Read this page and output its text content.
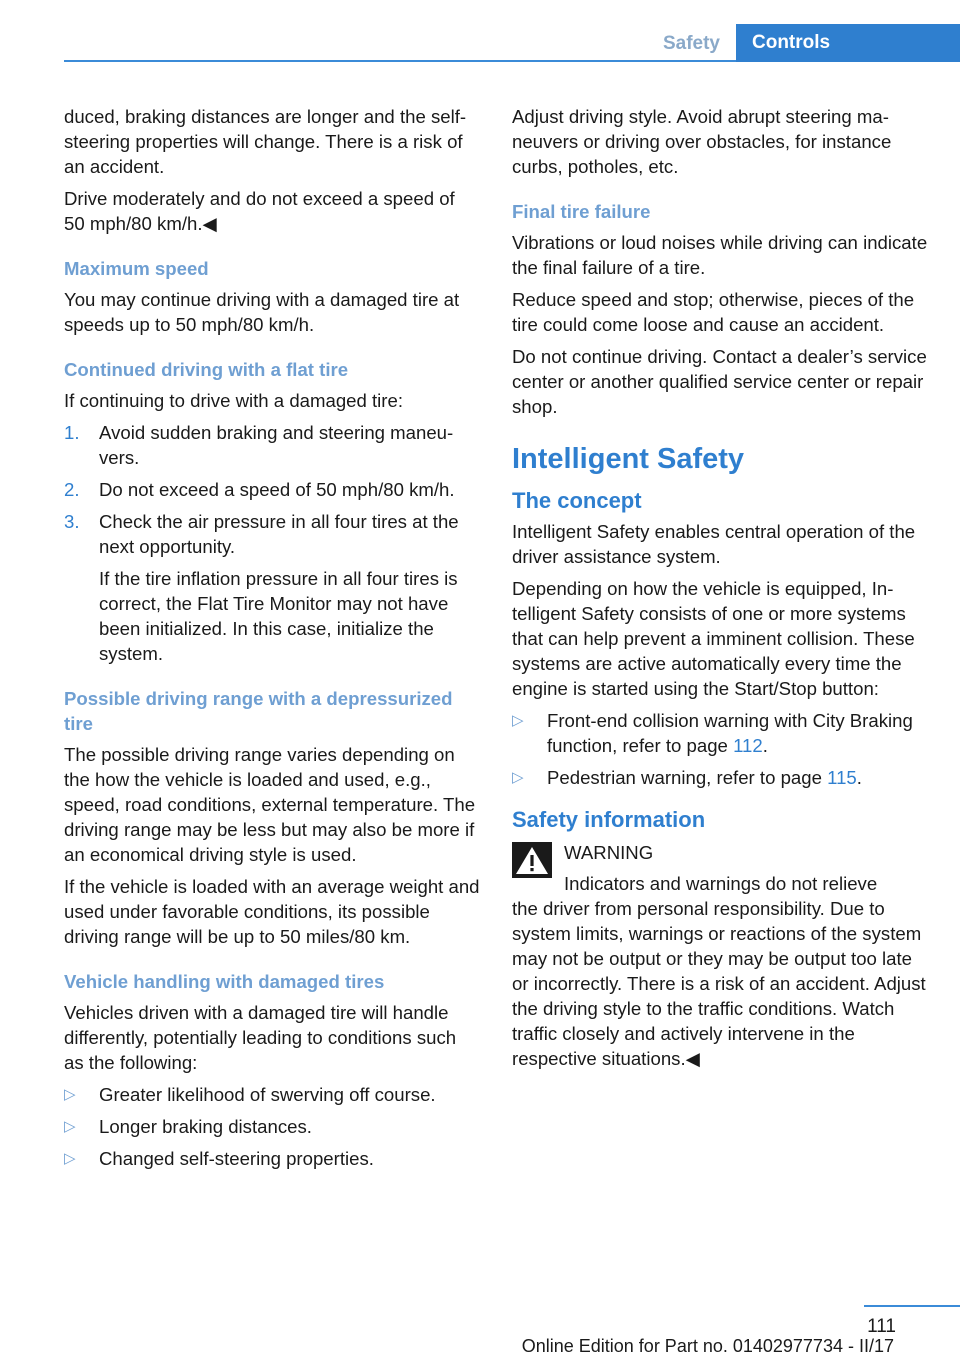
Safety	Controls

duced, braking distances are longer and the self-steering properties will change. There is a risk of an accident.

Drive moderately and do not exceed a speed of 50 mph/80 km/h.◀

Maximum speed

You may continue driving with a damaged tire at speeds up to 50 mph/80 km/h.

Continued driving with a flat tire

If continuing to drive with a damaged tire:

1. Avoid sudden braking and steering maneuvers.
2. Do not exceed a speed of 50 mph/80 km/h.
3. Check the air pressure in all four tires at the next opportunity.
If the tire inflation pressure in all four tires is correct, the Flat Tire Monitor may not have been initialized. In this case, initialize the system.
Possible driving range with a depressurized tire

The possible driving range varies depending on the how the vehicle is loaded and used, e.g., speed, road conditions, external temperature. The driving range may be less but may also be more if an economical driving style is used.

If the vehicle is loaded with an average weight and used under favorable conditions, its possible driving range will be up to 50 miles/80 km.

Vehicle handling with damaged tires

Vehicles driven with a damaged tire will handle differently, potentially leading to conditions such as the following:

▷ Greater likelihood of swerving off course.
▷ Longer braking distances.
▷ Changed self-steering properties.

Adjust driving style. Avoid abrupt steering maneuvers or driving over obstacles, for instance curbs, potholes, etc.

Final tire failure

Vibrations or loud noises while driving can indicate the final failure of a tire.

Reduce speed and stop; otherwise, pieces of the tire could come loose and cause an accident.

Do not continue driving. Contact a dealer’s service center or another qualified service center or repair shop.

Intelligent Safety
The concept

Intelligent Safety enables central operation of the driver assistance system.

Depending on how the vehicle is equipped, Intelligent Safety consists of one or more systems that can help prevent a imminent collision. These systems are active automatically every time the engine is started using the Start/Stop button:

▷ Front-end collision warning with City Braking function, refer to page 112.
▷ Pedestrian warning, refer to page 115.
Safety information

WARNING

Indicators and warnings do not relieve
the driver from personal responsibility. Due to system limits, warnings or reactions of the system may not be output or they may be output too late or incorrectly. There is a risk of an accident. Adjust the driving style to the traffic conditions. Watch traffic closely and actively intervene in the respective situations.◀
111
Online Edition for Part no. 01402977734 - II/17
